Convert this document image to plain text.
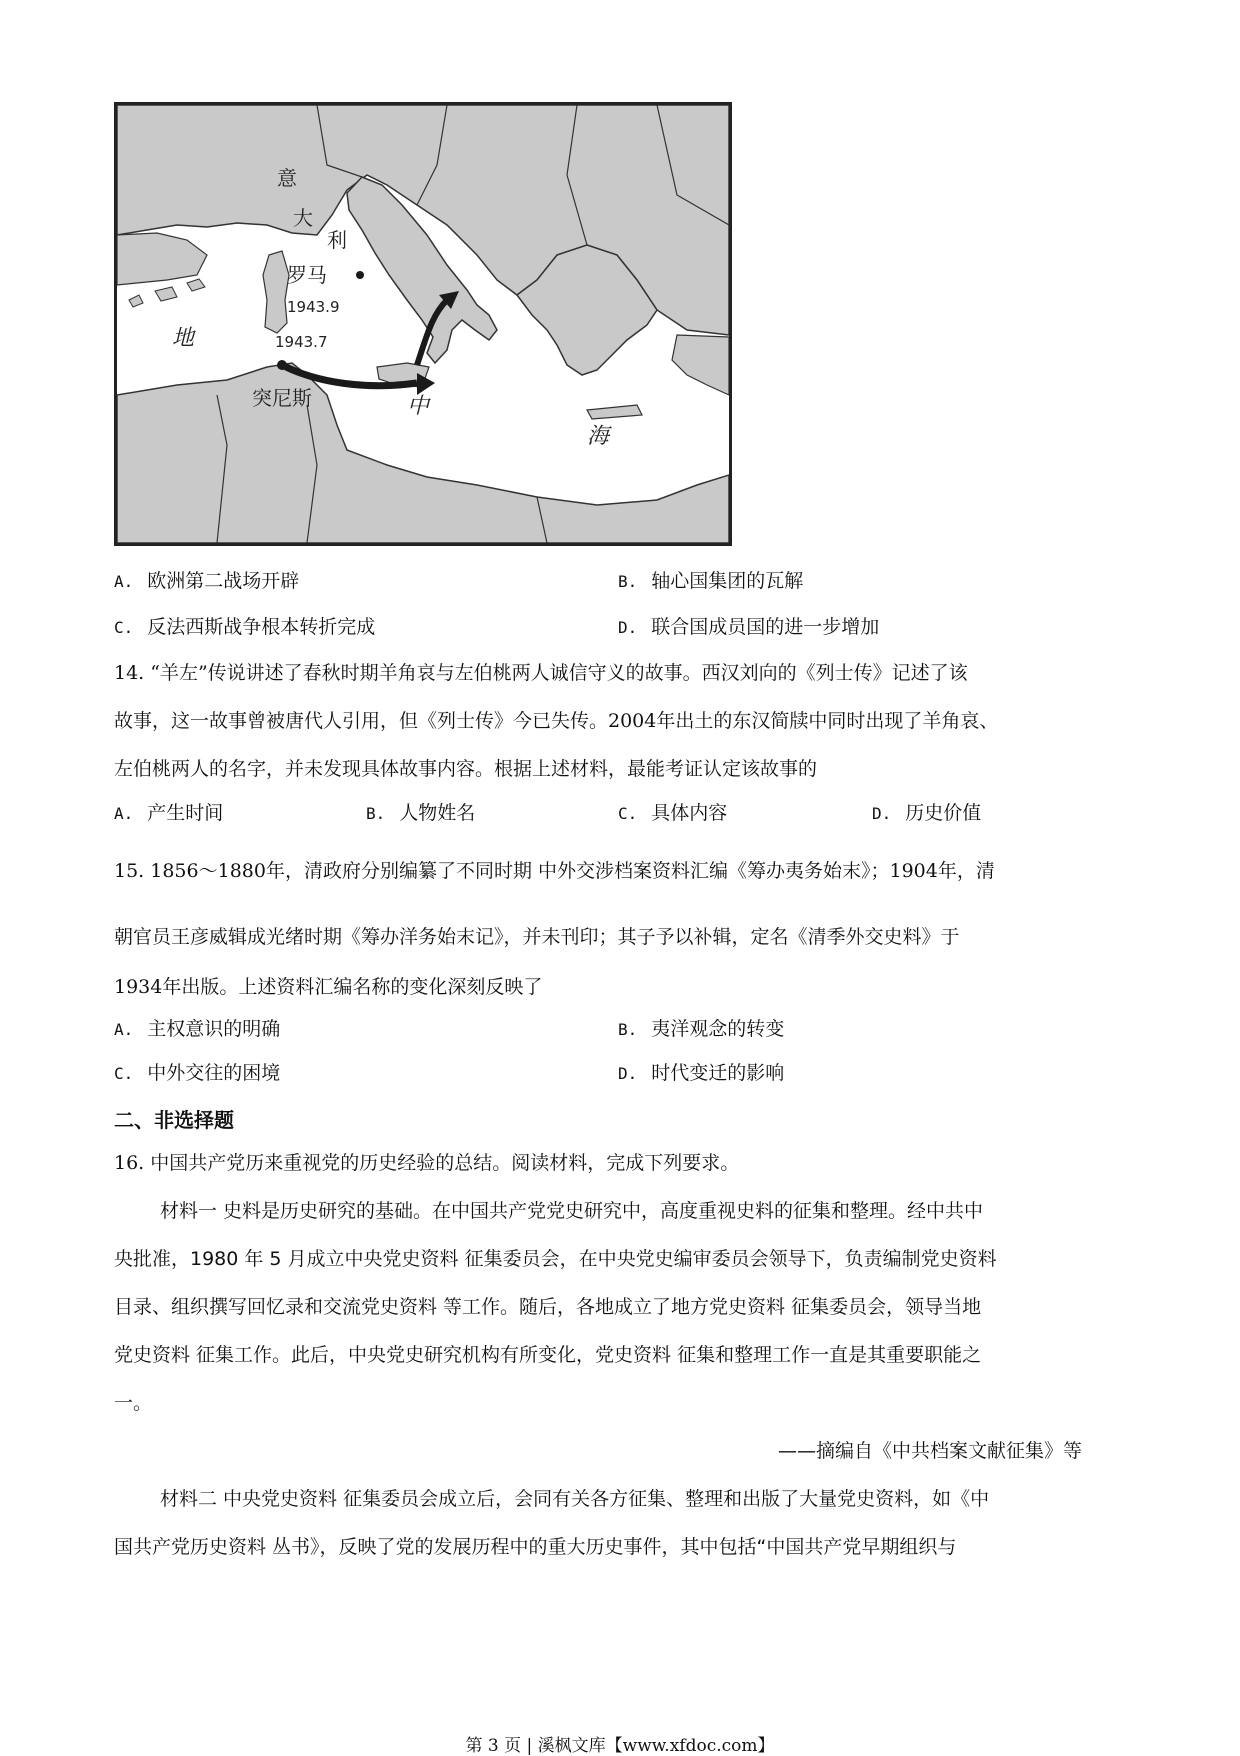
意
大
利
罗马
1943.9
1943.7
突尼斯
地
中
海
A. 欧洲第二战场开辟	B. 轴心国集团的瓦解
C. 反法西斯战争根本转折完成	D. 联合国成员国的进一步增加
14. “羊左”传说讲述了春秋时期羊角哀与左伯桃两人诚信守义的故事。西汉刘向的《列士传》记述了该
故事，这一故事曾被唐代人引用，但《列士传》今已失传。2004年出土的东汉简牍中同时出现了羊角哀、
左伯桃两人的名字，并未发现具体故事内容。根据上述材料，最能考证认定该故事的
A. 产生时间	B. 人物姓名	C. 具体内容	D. 历史价值
15. 1856～1880年，清政府分别编纂了不同时期 中外交涉档案资料汇编《筹办夷务始末》；1904年，清
朝官员王彦威辑成光绪时期《筹办洋务始末记》，并未刊印；其子予以补辑，定名《清季外交史料》于
1934年出版。上述资料汇编名称的变化深刻反映了
A. 主权意识的明确	B. 夷洋观念的转变
C. 中外交往的困境	D. 时代变迁的影响
二、非选择题
16. 中国共产党历来重视党的历史经验的总结。阅读材料，完成下列要求。
材料一 史料是历史研究的基础。在中国共产党党史研究中，高度重视史料的征集和整理。经中共中
央批准，1980 年 5 月成立中央党史资料 征集委员会，在中央党史编审委员会领导下，负责编制党史资料
目录、组织撰写回忆录和交流党史资料 等工作。随后，各地成立了地方党史资料 征集委员会，领导当地
党史资料 征集工作。此后，中央党史研究机构有所变化，党史资料 征集和整理工作一直是其重要职能之
一。
——摘编自《中共档案文献征集》等
材料二 中央党史资料 征集委员会成立后，会同有关各方征集、整理和出版了大量党史资料，如《中
国共产党历史资料 丛书》，反映了党的发展历程中的重大历史事件，其中包括“中国共产党早期组织与
第 3 页 | 溪枫文库【www.xfdoc.com】
